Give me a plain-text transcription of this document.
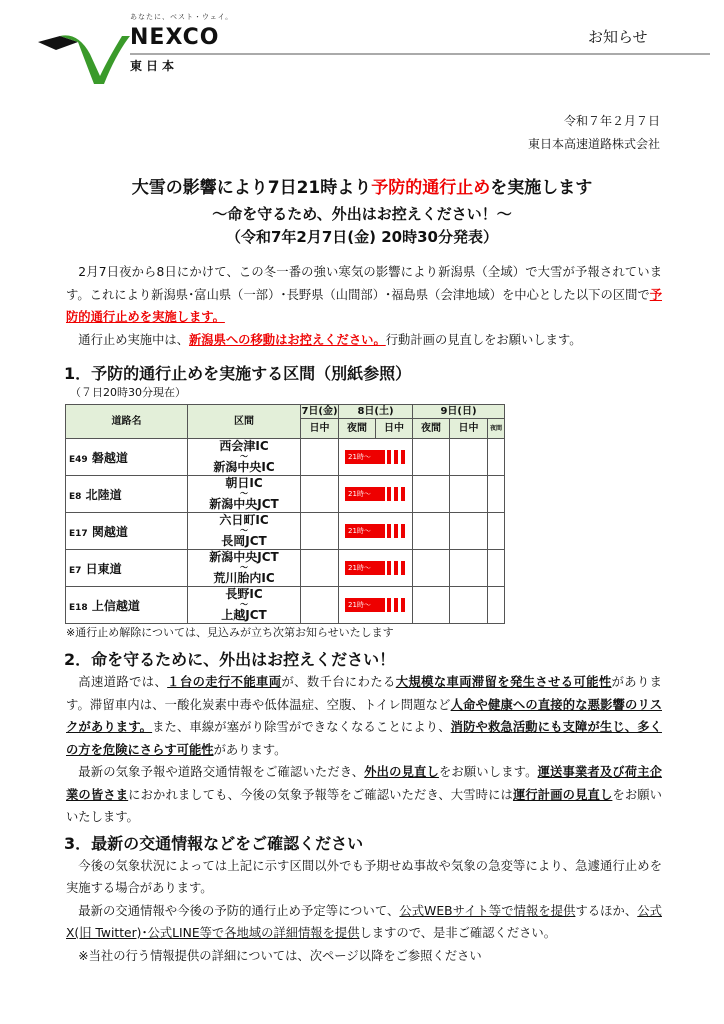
あなたに、ベスト・ウェイ。
NEXCO
東日本
お知らせ
令和７年２月７日
東日本高速道路株式会社
大雪の影響により7日21時より予防的通行止めを実施します
～命を守るため、外出はお控えください！～
（令和7年2月7日(金) 20時30分発表）
2月7日夜から8日にかけて、この冬一番の強い寒気の影響により新潟県（全域）で大雪が予報されています。これにより新潟県･富山県（一部）･長野県（山間部）･福島県（会津地域）を中心とした以下の区間で予防的通行止めを実施します。
通行止め実施中は、新潟県への移動はお控えください。行動計画の見直しをお願いします。
1．予防的通行止めを実施する区間（別紙参照）
（７日20時30分現在）
道路名	区間	7日(金)	8日(土)		9日(日)		
		日中	夜間	日中	夜間	日中	夜間
E49 磐越道	西会津IC
～
新潟中央IC		21時～				

E8 北陸道	朝日IC
～
新潟中央JCT		21時～				

E17 関越道	六日町IC
～
長岡JCT		21時～				

E7 日東道	新潟中央JCT
～
荒川胎内IC		21時～				

E18 上信越道	長野IC
～
上越JCT		21時～				

※通行止め解除については、見込みが立ち次第お知らせいたします
2．命を守るために、外出はお控えください！
高速道路では、１台の走行不能車両が、数千台にわたる大規模な車両滞留を発生させる可能性があります。滞留車内は、一酸化炭素中毒や低体温症、空腹、トイレ問題など人命や健康への直接的な悪影響のリスクがあります。また、車線が塞がり除雪ができなくなることにより、消防や救急活動にも支障が生じ、多くの方を危険にさらす可能性があります。
最新の気象予報や道路交通情報をご確認いただき、外出の見直しをお願いします。運送事業者及び荷主企業の皆さまにおかれましても、今後の気象予報等をご確認いただき、大雪時には運行計画の見直しをお願いいたします。
3．最新の交通情報などをご確認ください
今後の気象状況によっては上記に示す区間以外でも予期せぬ事故や気象の急変等により、急遽通行止めを実施する場合があります。
最新の交通情報や今後の予防的通行止め予定等について、公式WEBサイト等で情報を提供するほか、公式X(旧 Twitter)･公式LINE等で各地域の詳細情報を提供しますので、是非ご確認ください。
※当社の行う情報提供の詳細については、次ページ以降をご参照ください
